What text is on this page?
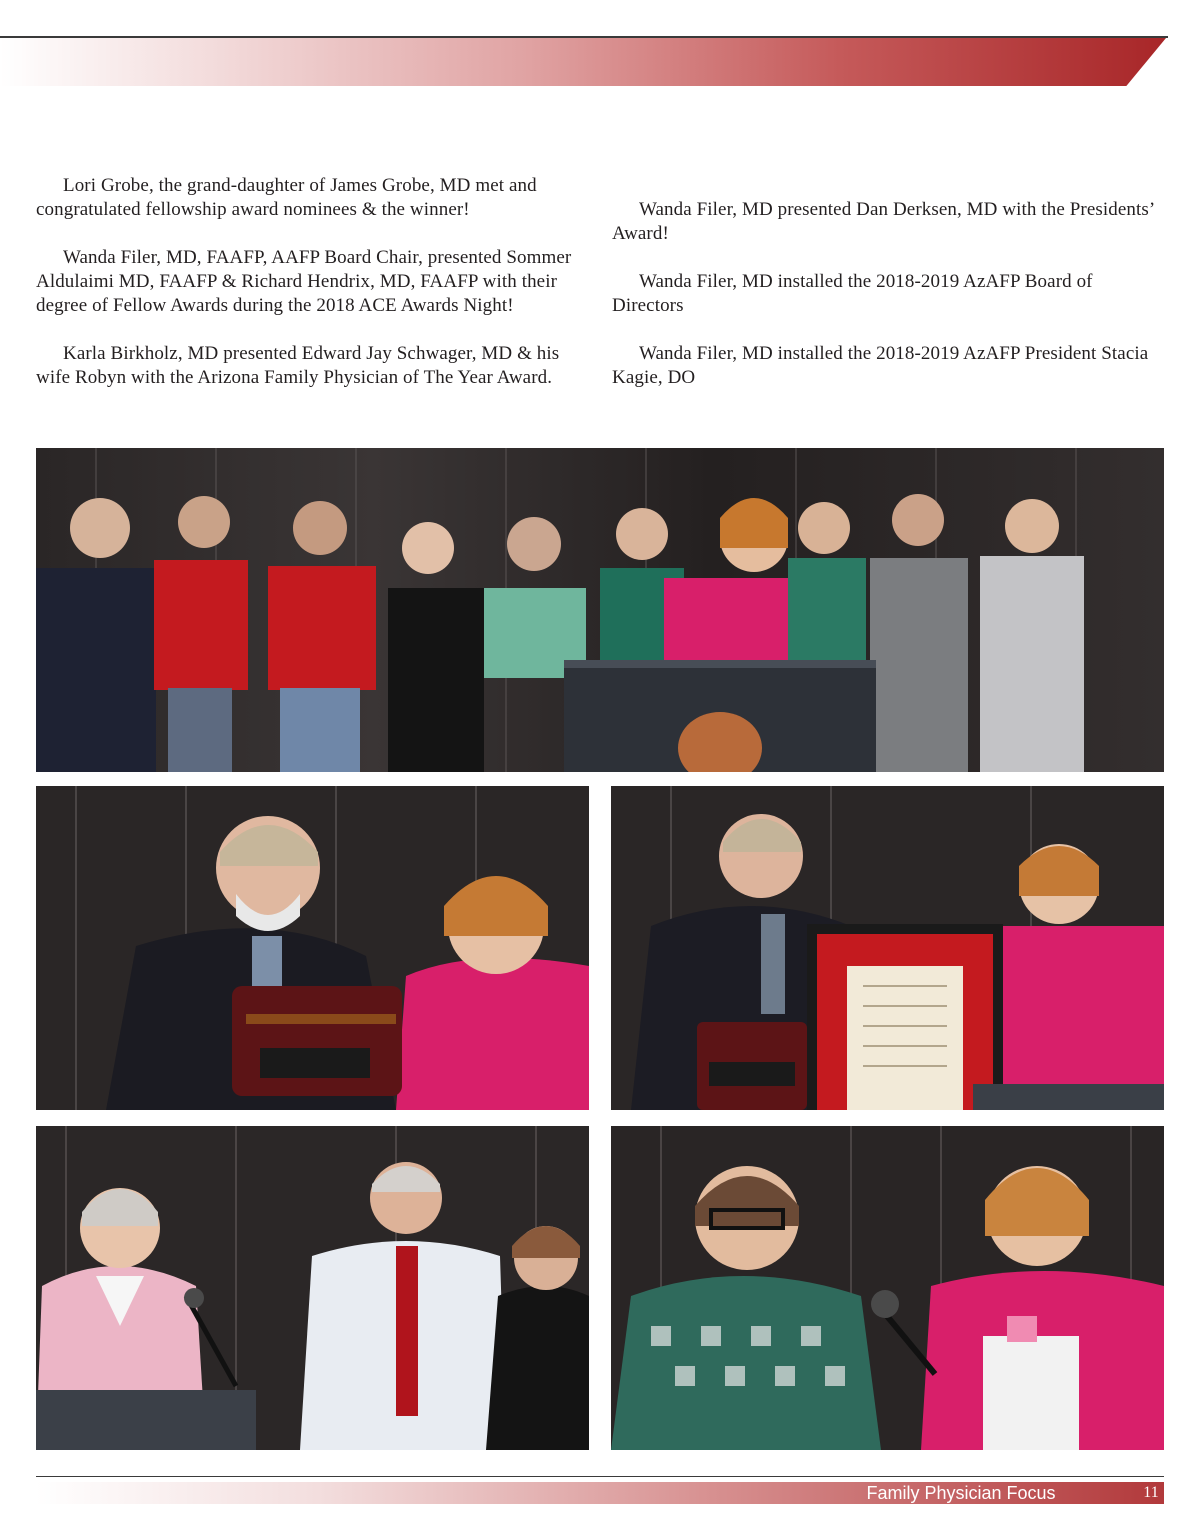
Lori Grobe, the grand-daughter of James Grobe, MD met and congratulated fellowship award nominees & the winner!

Wanda Filer, MD, FAAFP, AAFP Board Chair, presented Sommer Aldulaimi MD, FAAFP & Richard Hendrix, MD, FAAFP with their degree of Fellow Awards during the 2018 ACE Awards Night!

Karla Birkholz, MD presented Edward Jay Schwager, MD & his wife Robyn with the Arizona Family Physician of The Year Award.

Wanda Filer, MD presented Dan Derksen, MD with the Presidents’ Award!

Wanda Filer, MD installed the 2018-2019 AzAFP Board of Directors

Wanda Filer, MD installed the 2018-2019 AzAFP President Stacia Kagie, DO

Family Physician Focus	11
